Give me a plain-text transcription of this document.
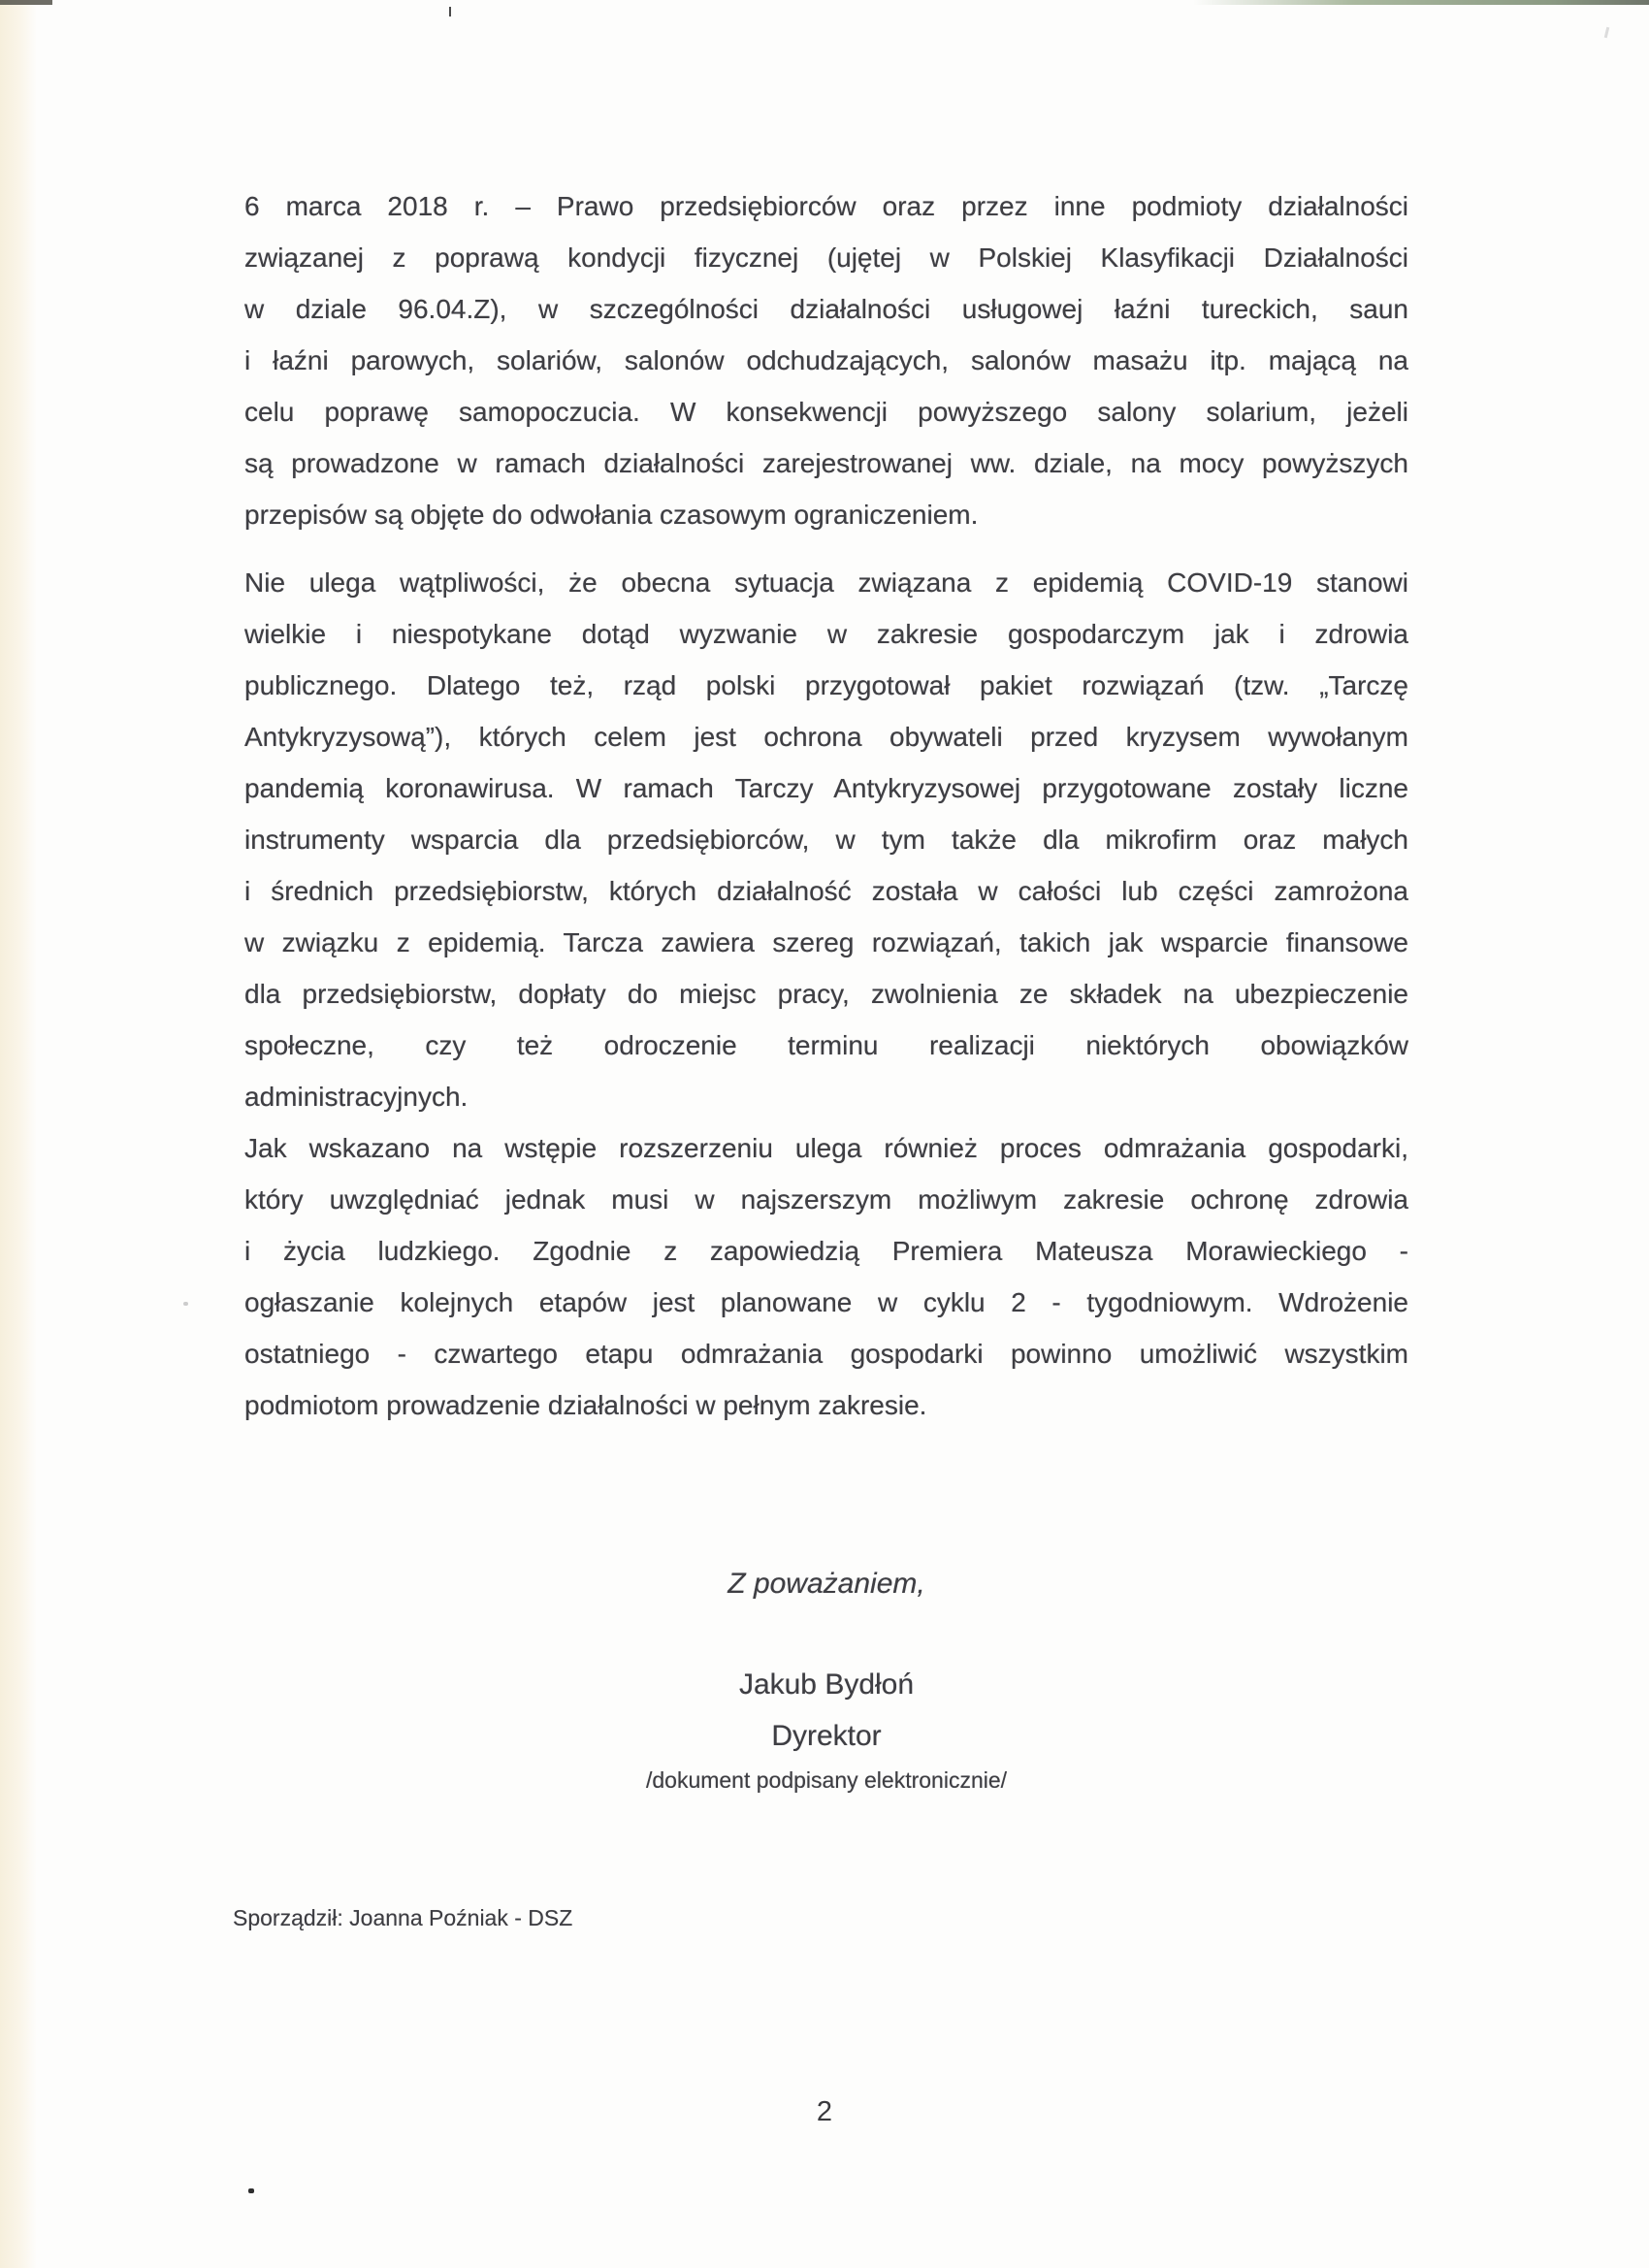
6 marca 2018 r. – Prawo przedsiębiorców oraz przez inne podmioty działalności
związanej z poprawą kondycji fizycznej (ujętej w Polskiej Klasyfikacji Działalności
w dziale 96.04.Z), w szczególności działalności usługowej łaźni tureckich, saun
i łaźni parowych, solariów, salonów odchudzających, salonów masażu itp. mającą na
celu poprawę samopoczucia. W konsekwencji powyższego salony solarium, jeżeli
są prowadzone w ramach działalności zarejestrowanej ww. dziale, na mocy powyższych
przepisów są objęte do odwołania czasowym ograniczeniem.

Nie ulega wątpliwości, że obecna sytuacja związana z epidemią COVID-19 stanowi
wielkie i niespotykane dotąd wyzwanie w zakresie gospodarczym jak i zdrowia
publicznego. Dlatego też, rząd polski przygotował pakiet rozwiązań (tzw. „Tarczę
Antykryzysową”), których celem jest ochrona obywateli przed kryzysem wywołanym
pandemią koronawirusa. W ramach Tarczy Antykryzysowej przygotowane zostały liczne
instrumenty wsparcia dla przedsiębiorców, w tym także dla mikrofirm oraz małych
i średnich przedsiębiorstw, których działalność została w całości lub części zamrożona
w związku z epidemią. Tarcza zawiera szereg rozwiązań, takich jak wsparcie finansowe
dla przedsiębiorstw, dopłaty do miejsc pracy, zwolnienia ze składek na ubezpieczenie
społeczne, czy też odroczenie terminu realizacji niektórych obowiązków
administracyjnych.

Jak wskazano na wstępie rozszerzeniu ulega również proces odmrażania gospodarki,
który uwzględniać jednak musi w najszerszym możliwym zakresie ochronę zdrowia
i życia ludzkiego. Zgodnie z zapowiedzią Premiera Mateusza Morawieckiego -
ogłaszanie kolejnych etapów jest planowane w cyklu 2 - tygodniowym. Wdrożenie
ostatniego - czwartego etapu odmrażania gospodarki powinno umożliwić wszystkim
podmiotom prowadzenie działalności w pełnym zakresie.

Z poważaniem,

Jakub Bydłoń

Dyrektor

/dokument podpisany elektronicznie/

Sporządził: Joanna Poźniak - DSZ
2
